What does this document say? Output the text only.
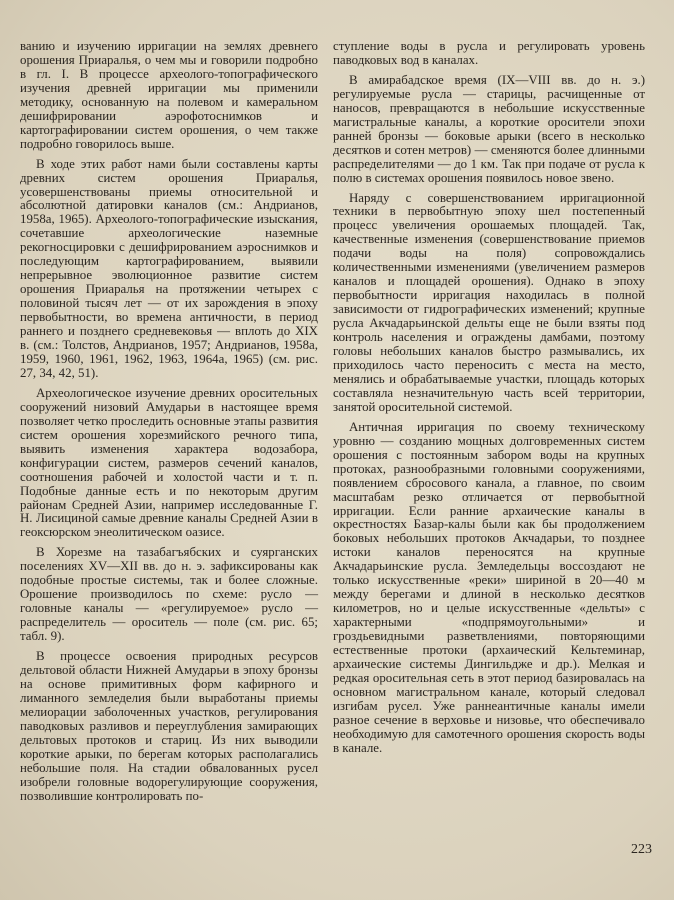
ванию и изучению ирригации на землях древнего орошения Приаралья, о чем мы и говорили подробно в гл. I. В процессе археолого-топографического изучения древней ирригации мы применили методику, основанную на полевом и камеральном дешифрировании аэрофотоснимков и картографировании систем орошения, о чем также подробно говорилось выше.

В ходе этих работ нами были составлены карты древних систем орошения Приаралья, усовершенствованы приемы относительной и абсолютной датировки каналов (см.: Андрианов, 1958а, 1965). Археолого-топографические изыскания, сочетавшие археологические наземные рекогносцировки с дешифрированием аэроснимков и последующим картографированием, выявили непрерывное эволюционное развитие систем орошения Приаралья на протяжении четырех с половиной тысяч лет — от их зарождения в эпоху первобытности, во времена античности, в период раннего и позднего средневековья — вплоть до XIX в. (см.: Толстов, Андрианов, 1957; Андрианов, 1958а, 1959, 1960, 1961, 1962, 1963, 1964а, 1965) (см. рис. 27, 34, 42, 51).

Археологическое изучение древних оросительных сооружений низовий Амударьи в настоящее время позволяет четко проследить основные этапы развития систем орошения хорезмийского речного типа, выявить изменения характера водозабора, конфигурации систем, размеров сечений каналов, соотношения рабочей и холостой части и т. п. Подобные данные есть и по некоторым другим районам Средней Азии, например исследованные Г. Н. Лисициной самые древние каналы Средней Азии в геоксюрском энеолитическом оазисе.

В Хорезме на тазабагъябских и суярганских поселениях XV—XII вв. до н. э. зафиксированы как подобные простые системы, так и более сложные. Орошение производилось по схеме: русло — головные каналы — «регулируемое» русло — распределитель — ороситель — поле (см. рис. 65; табл. 9).

В процессе освоения природных ресурсов дельтовой области Нижней Амударьи в эпоху бронзы на основе примитивных форм кафирного и лиманного земледелия были выработаны приемы мелиорации заболоченных участков, регулирования паводковых разливов и переуглубления замирающих дельтовых протоков и стариц. Из них выводили короткие арыки, по берегам которых располагались небольшие поля. На стадии обвалованных русел изобрели головные водорегулирующие сооружения, позволившие контролировать по-

ступление воды в русла и регулировать уровень паводковых вод в каналах.

В амирабадское время (IX—VIII вв. до н. э.) регулируемые русла — старицы, расчищенные от наносов, превращаются в небольшие искусственные магистральные каналы, а короткие оросители эпохи ранней бронзы — боковые арыки (всего в несколько десятков и сотен метров) — сменяются более длинными распределителями — до 1 км. Так при подаче от русла к полю в системах орошения появилось новое звено.

Наряду с совершенствованием ирригационной техники в первобытную эпоху шел постепенный процесс увеличения орошаемых площадей. Так, качественные изменения (совершенствование приемов подачи воды на поля) сопровождались количественными изменениями (увеличением размеров каналов и площадей орошения). Однако в эпоху первобытности ирригация находилась в полной зависимости от гидрографических изменений; крупные русла Акчадарьинской дельты еще не были взяты под контроль населения и ограждены дамбами, поэтому головы небольших каналов быстро размывались, их приходилось часто переносить с места на место, менялись и обрабатываемые участки, площадь которых составляла незначительную часть всей территории, занятой оросительной системой.

Античная ирригация по своему техническому уровню — созданию мощных долговременных систем орошения с постоянным забором воды на крупных протоках, разнообразными головными сооружениями, появлением сбросового канала, а главное, по своим масштабам резко отличается от первобытной ирригации. Если ранние архаические каналы в окрестностях Базар-калы были как бы продолжением боковых небольших протоков Акчадарьи, то позднее истоки каналов переносятся на крупные Акчадарьинские русла. Земледельцы воссоздают не только искусственные «реки» шириной в 20—40 м между берегами и длиной в несколько десятков километров, но и целые искусственные «дельты» с характерными «подпрямоугольными» и гроздьевидными разветвлениями, повторяющими естественные протоки (архаический Кельтеминар, архаические системы Дингильдже и др.). Мелкая и редкая оросительная сеть в этот период базировалась на основном магистральном канале, который следовал изгибам русел. Уже раннеантичные каналы имели разное сечение в верховье и низовье, что обеспечивало необходимую для самотечного орошения скорость воды в канале.

223
